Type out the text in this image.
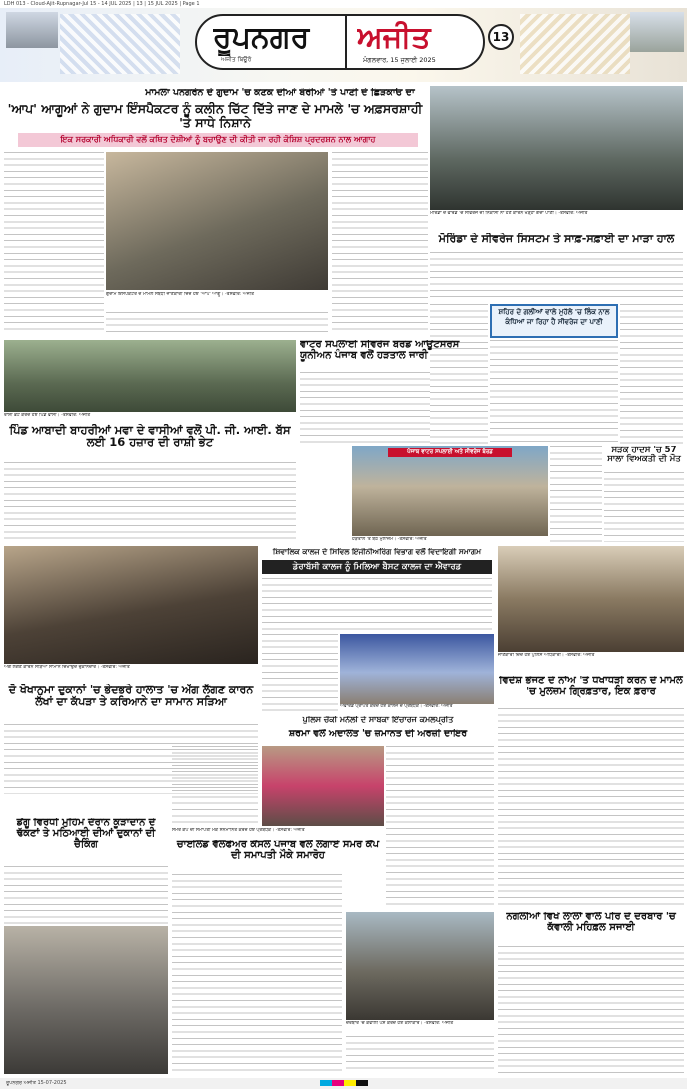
LDH 013 - Cloud-Ajit-Rupnagar-Jul 15 - 14 JUL 2025 | 13 | 15 JUL 2025 | Page 1
ਰੂਪਨਗਰ	ਅਜੀਤ
ਅਜੀਤ ਬਿਊਰੋ	ਮੰਗਲਵਾਰ, 15 ਜੁਲਾਈ 2025
13
ਮਾਮਲਾ ਪਨਗਰੇਨ ਦੇ ਗੁਦਾਮ 'ਚ ਕਣਕ ਦੀਆਂ ਬੋਰੀਆਂ 'ਤੇ ਪਾਣੀ ਦੇ ਛਿੜਕਾਓ ਦਾ
'ਆਪ' ਆਗੂਆਂ ਨੇ ਗੁਦਾਮ ਇੰਸਪੈਕਟਰ ਨੂੰ ਕਲੀਨ ਚਿੱਟ ਦਿੱਤੇ ਜਾਣ ਦੇ ਮਾਮਲੇ 'ਚ ਅਫ਼ਸਰਸ਼ਾਹੀ 'ਤੇ ਸਾਧੇ ਨਿਸ਼ਾਨੇ
ਇਕ ਸਰਕਾਰੀ ਅਧਿਕਾਰੀ ਵਲੋਂ ਕਥਿਤ ਦੋਸ਼ੀਆਂ ਨੂੰ ਬਚਾਉਣ ਦੀ ਕੀਤੀ ਜਾ ਰਹੀ ਕੋਸ਼ਿਸ਼ ਪ੍ਰਦਰਸ਼ਨ ਨਾਲ ਆਗਾਹ
ਗੁਦਾਮ ਇੰਸਪੈਕਟਰ ਦੇ ਮਾਮਲੇ ਸੰਬੰਧੀ ਜਾਣਕਾਰੀ ਦਿੰਦੇ ਹੋਏ 'ਆਪ' ਆਗੂ। -ਤਸਵੀਰ: ਅਜੀਤ
ਮੋਰਿੰਡਾ ਦੇ ਵਾਰਡ 'ਚ ਸੀਵਰੇਜ ਦੀ ਨਿਕਾਸੀ ਨਾ ਹੋਣ ਕਾਰਨ ਖੜ੍ਹਾ ਗੰਦਾ ਪਾਣੀ। -ਤਸਵੀਰ: ਅਜੀਤ
ਮੋਰਿੰਡਾ ਦੇ ਸੀਵਰੇਜ ਸਿਸਟਮ ਤੇ ਸਾਫ਼-ਸਫ਼ਾਈ ਦਾ ਮਾੜਾ ਹਾਲ
ਸ਼ਹਿਰ ਦੇ ਗਲੀਆਂ ਵਾਲੇ ਮੁਹੱਲੇ 'ਚ ਲਿੰਕ ਨਾਲ ਕੰਧਿਆਂ ਜਾ ਰਿਹਾ ਹੈ ਸੀਵਰੇਜ ਦਾ ਪਾਣੀ
ਵਾਟਰ ਸਪਲਾਈ ਸੀਵਰੇਜ ਬੋਰਡ ਆਊਟਸੋਰਸ ਯੂਨੀਅਨ ਪੰਜਾਬ ਵਲੋਂ ਹੜਤਾਲ ਜਾਰੀ
ਰਾਸ਼ੀ ਭੇਟ ਕਰਦੇ ਹੋਏ ਪਿੰਡ ਵਾਸੀ। -ਤਸਵੀਰ: ਅਜੀਤ
ਪਿੰਡ ਆਬਾਦੀ ਬਾਹਰੀਆਂ ਮਵਾ ਦੇ ਵਾਸੀਆਂ ਵਲੋਂ ਪੀ. ਜੀ. ਆਈ. ਬੱਸ ਲਈ 16 ਹਜ਼ਾਰ ਦੀ ਰਾਸ਼ੀ ਭੇਟ
ਪੰਜਾਬ ਵਾਟਰ ਸਪਲਾਈ ਅਤੇ ਸੀਵਰੇਜ ਬੋਰਡ
ਹੜਤਾਲ 'ਤੇ ਬੈਠੇ ਮੁਲਾਜ਼ਮ। -ਤਸਵੀਰ: ਅਜੀਤ
ਸੜਕ ਹਾਦਸੇ 'ਚ 57 ਸਾਲਾ ਵਿਅਕਤੀ ਦੀ ਮੌਤ
ਅੱਗ ਲੱਗਣ ਕਾਰਨ ਸੜਿਆ ਸਾਮਾਨ ਦਿਖਾਉਂਦੇ ਦੁਕਾਨਦਾਰ। -ਤਸਵੀਰ: ਅਜੀਤ
ਦੋ ਖੋਖਾਨੁਮਾ ਦੁਕਾਨਾਂ 'ਚ ਭੇਦਭਰੇ ਹਾਲਾਤ 'ਚ ਅੱਗ ਲੱਗਣ ਕਾਰਨ ਲੱਖਾਂ ਦਾ ਕੱਪੜਾ ਤੇ ਕਰਿਆਨੇ ਦਾ ਸਾਮਾਨ ਸੜਿਆ
ਸ਼ਿਵਾਲਿਕ ਕਾਲਜ ਦੇ ਸਿਵਿਲ ਇੰਜੀਨੀਅਰਿੰਗ ਵਿਭਾਗ ਵਲੋਂ ਵਿਦਾਇਗੀ ਸਮਾਗਮ
ਡੇਰਾਬੱਸੀ ਕਾਲਜ ਨੂੰ ਮਿਲਿਆ ਬੈਸਟ ਕਾਲਜ ਦਾ ਐਵਾਰਡ
ਐਵਾਰਡ ਪ੍ਰਾਪਤ ਕਰਦੇ ਹੋਏ ਕਾਲਜ ਦੇ ਪ੍ਰਬੰਧਕ। -ਤਸਵੀਰ: ਅਜੀਤ
ਜਾਣਕਾਰੀ ਦਿੰਦੇ ਹੋਏ ਪੁਲਿਸ ਅਧਿਕਾਰੀ। -ਤਸਵੀਰ: ਅਜੀਤ
ਵਿਦੇਸ਼ ਭੇਜਣ ਦੇ ਨਾਂਅ 'ਤੇ ਧੋਖਾਧੜੀ ਕਰਨ ਦੇ ਮਾਮਲੇ 'ਚ ਮੁਲਜ਼ਮ ਗ੍ਰਿਫ਼ਤਾਰ, ਇਕ ਫ਼ਰਾਰ
ਪੁਲਿਸ ਚੌਕੀ ਮਨੌਲੀ ਦੇ ਸਾਬਕਾ ਇੰਚਾਰਜ ਕਮਲਪ੍ਰੀਤ
ਸ਼ਰਮਾ ਵਲੋਂ ਅਦਾਲਤ 'ਚ ਜ਼ਮਾਨਤ ਦੀ ਅਰਜ਼ੀ ਦਾਇਰ
ਸਮਰ ਕੈਂਪ ਦੀ ਸਮਾਪਤੀ ਮੌਕੇ ਸਨਮਾਨਿਤ ਕਰਦੇ ਹੋਏ ਪ੍ਰਬੰਧਕ। -ਤਸਵੀਰ: ਅਜੀਤ
ਡੇਂਗੂ ਵਿਰੋਧੀ ਮੁਹਿੰਮ ਦੌਰਾਨ ਕੂੜਾਦਾਨ ਦੇ ਢੱਕਣਾਂ ਤੇ ਮਠਿਆਈ ਦੀਆਂ ਦੁਕਾਨਾਂ ਦੀ ਚੈਕਿੰਗ	ਚਾਈਲਡ ਵੈੱਲਫੇਅਰ ਕੌਂਸਲ ਪੰਜਾਬ ਵਲੋਂ ਲਗਾਏ ਸਮਰ ਕੈਂਪ ਦੀ ਸਮਾਪਤੀ ਮੌਕੇ ਸਮਾਰੋਹ
ਨਗਲੀਆਂ ਵਿਖੇ ਲਾਲਾਂ ਵਾਲੇ ਪੀਰ ਦੇ ਦਰਬਾਰ 'ਚ ਕੱਵਾਲੀ ਮਹਿਫ਼ਲ ਸਜਾਈ
ਦਰਬਾਰ 'ਚ ਕੱਵਾਲੀ ਪੇਸ਼ ਕਰਦੇ ਹੋਏ ਕਲਾਕਾਰ। -ਤਸਵੀਰ: ਅਜੀਤ
ਰੂਪਨਗਰ ਅਜੀਤ 15-07-2025
